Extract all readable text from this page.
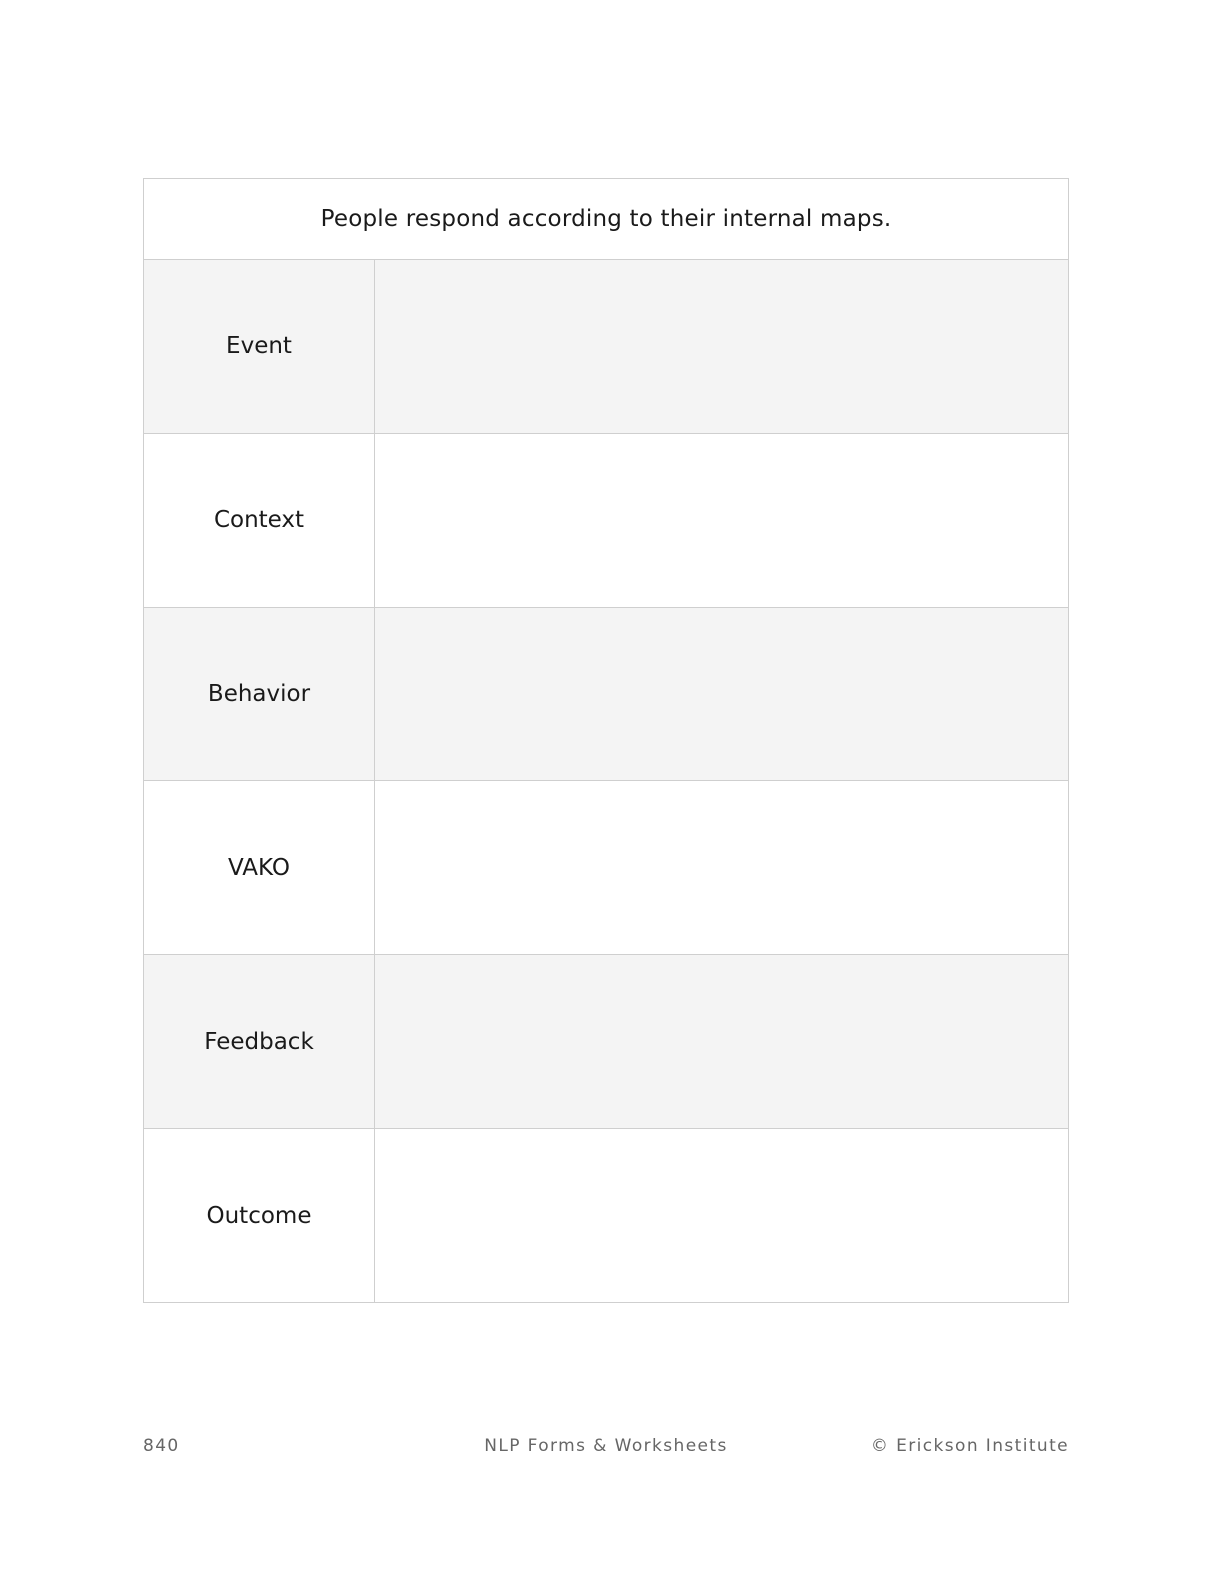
People respond according to their internal maps.
Event
Context
Behavior
VAKO
Feedback
Outcome
840	NLP Forms & Worksheets	© Erickson Institute
